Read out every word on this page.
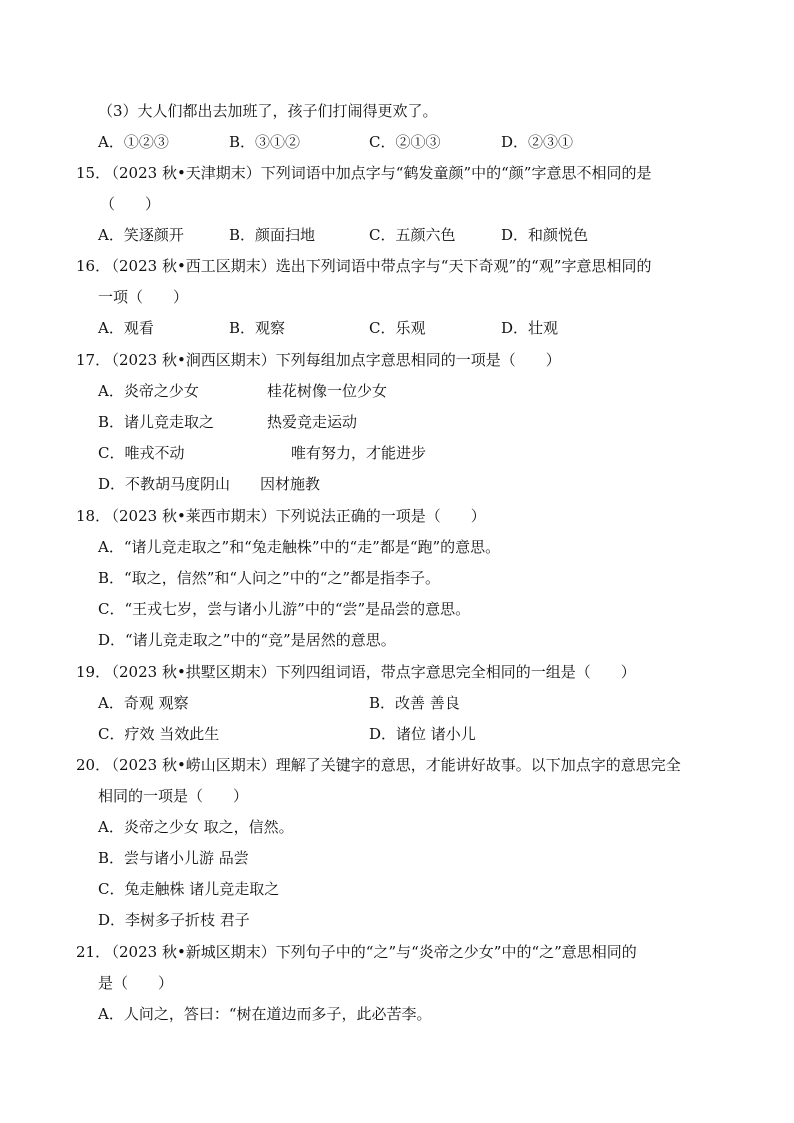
（3）大人们都出去加班了，孩子们打闹得更欢了。
A．①②③	B．③①②	C．②①③	D．②③①
15．
（2023 秋•天津期末）下列词语中加点字与“鹤发童颜”中的“颜”字意思不相同的是
（　　）
A．笑逐颜开	B．颜面扫地	C．五颜六色	D．和颜悦色
16．
（2023 秋•西工区期末）选出下列词语中带点字与“天下奇观”的“观”字意思相同的
一项（　　）
A．观看	B．观察	C．乐观	D．壮观
17．
（2023 秋•涧西区期末）下列每组加点字意思相同的一项是（　　）
A．炎帝之少女	桂花树像一位少女
B．诸儿竞走取之	热爱竞走运动
C．唯戎不动	唯有努力，才能进步
D．不教胡马度阴山 因材施教
18．
（2023 秋•莱西市期末）下列说法正确的一项是（　　）
A．“诸儿竞走取之”和“兔走触株”中的“走”都是“跑”的意思。
B．“取之，信然”和“人问之”中的“之”都是指李子。
C．“王戎七岁，尝与诸小儿游”中的“尝”是品尝的意思。
D．“诸儿竞走取之”中的“竞”是居然的意思。
19．
（2023 秋•拱墅区期末）下列四组词语，带点字意思完全相同的一组是（　　）
A．奇观 观察	B．改善 善良
C．疗效 当效此生	D．诸位 诸小儿
20．
（2023 秋•崂山区期末）理解了关键字的意思，才能讲好故事。以下加点字的意思完全
相同的一项是（　　）
A．炎帝之少女 取之，信然。
B．尝与诸小儿游 品尝
C．兔走触株 诸儿竞走取之
D．李树多子折枝 君子
21．
（2023 秋•新城区期末）下列句子中的“之”与“炎帝之少女”中的“之”意思相同的
是（　　）
A．人问之，答曰：“树在道边而多子，此必苦李。
